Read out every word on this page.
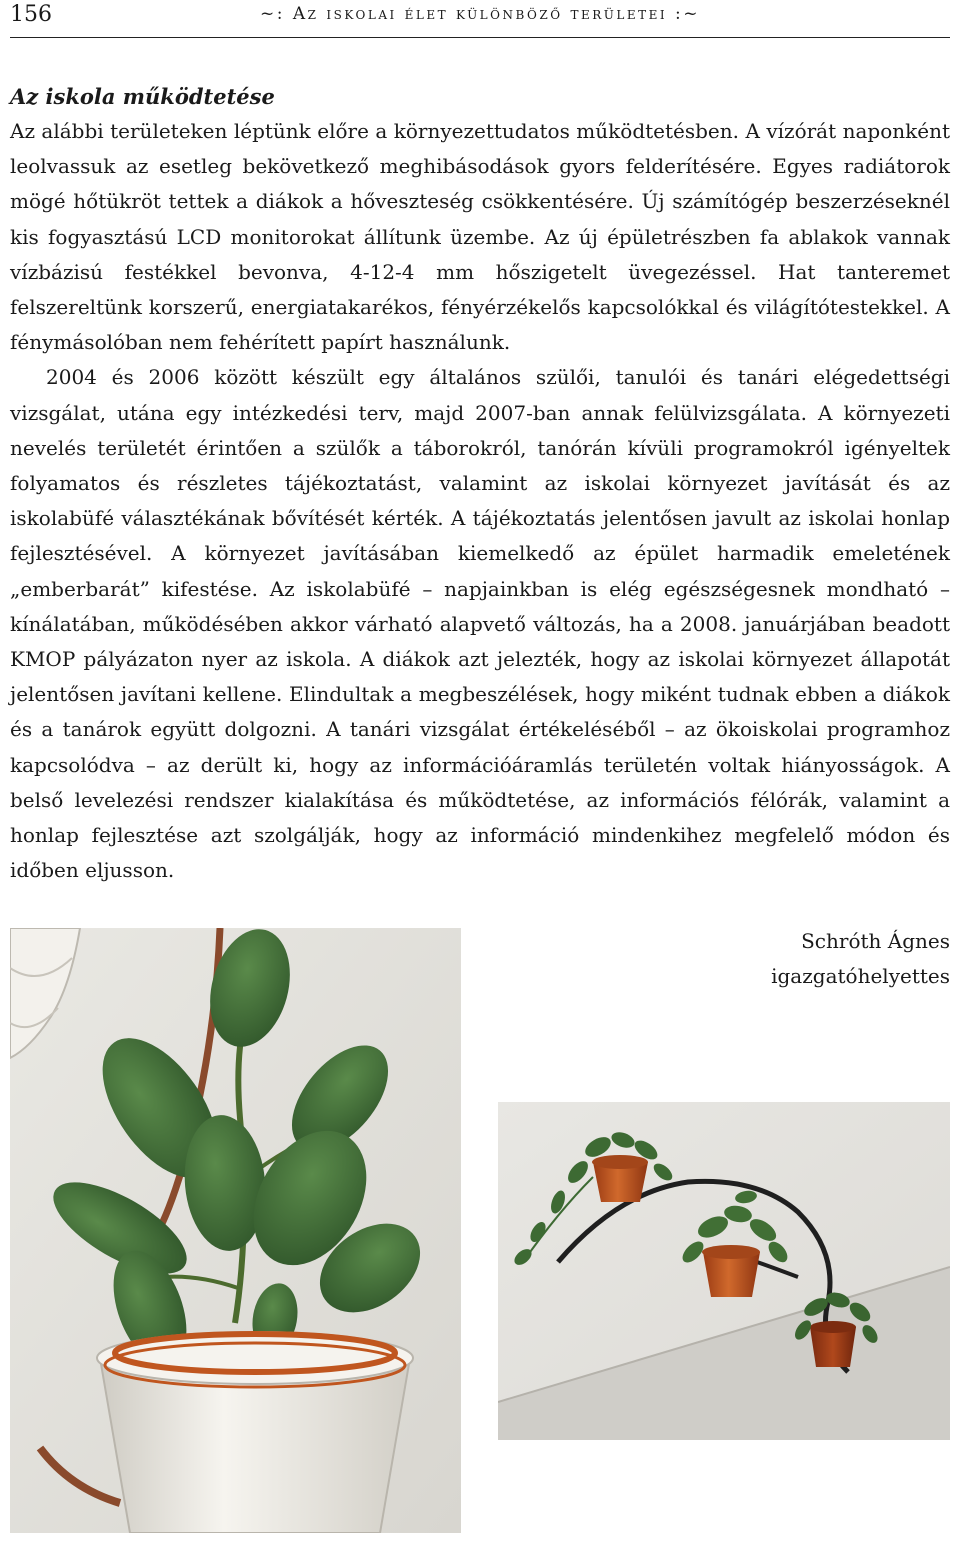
156	~: Az iskolai élet különböző területei :~
Az iskola működtetése

Az alábbi területeken léptünk előre a környezettudatos működtetésben. A vízórát naponként leolvassuk az esetleg bekövetkező meghibásodások gyors felderítésére. Egyes radiátorok mögé hőtükröt tettek a diákok a hőveszteség csökkentésére. Új számítógép beszerzéseknél kis fogyasztású LCD monitorokat állítunk üzembe. Az új épületrészben fa ablakok vannak vízbázisú festékkel bevonva, 4-12-4 mm hőszigetelt üvegezéssel. Hat tanteremet felszereltünk korszerű, energiatakarékos, fényérzékelős kapcsolókkal és világítótestekkel. A fénymásolóban nem fehérített papírt használunk.

2004 és 2006 között készült egy általános szülői, tanulói és tanári elégedettségi vizsgálat, utána egy intézkedési terv, majd 2007-ban annak felülvizsgálata. A környezeti nevelés területét érintően a szülők a táborokról, tanórán kívüli programokról igényeltek folyamatos és részletes tájékoztatást, valamint az iskolai környezet javítását és az iskolabüfé választékának bővítését kérték. A tájékoztatás jelentősen javult az iskolai honlap fejlesztésével. A környezet javításában kiemelkedő az épület harmadik emeletének „emberbarát” kifestése. Az iskolabüfé – napjainkban is elég egészségesnek mondható – kínálatában, működésében akkor várható alapvető változás, ha a 2008. januárjában beadott KMOP pályázaton nyer az iskola. A diákok azt jelezték, hogy az iskolai környezet állapotát jelentősen javítani kellene. Elindultak a megbeszélések, hogy miként tudnak ebben a diákok és a tanárok együtt dolgozni. A tanári vizsgálat értékeléséből – az ökoiskolai programhoz kapcsolódva – az derült ki, hogy az információáramlás területén voltak hiányosságok. A belső levelezési rendszer kialakítása és működtetése, az információs félórák, valamint a honlap fejlesztése azt szolgálják, hogy az információ mindenkihez megfelelő módon és időben eljusson.

Schróth Ágnes
igazgatóhelyettes
